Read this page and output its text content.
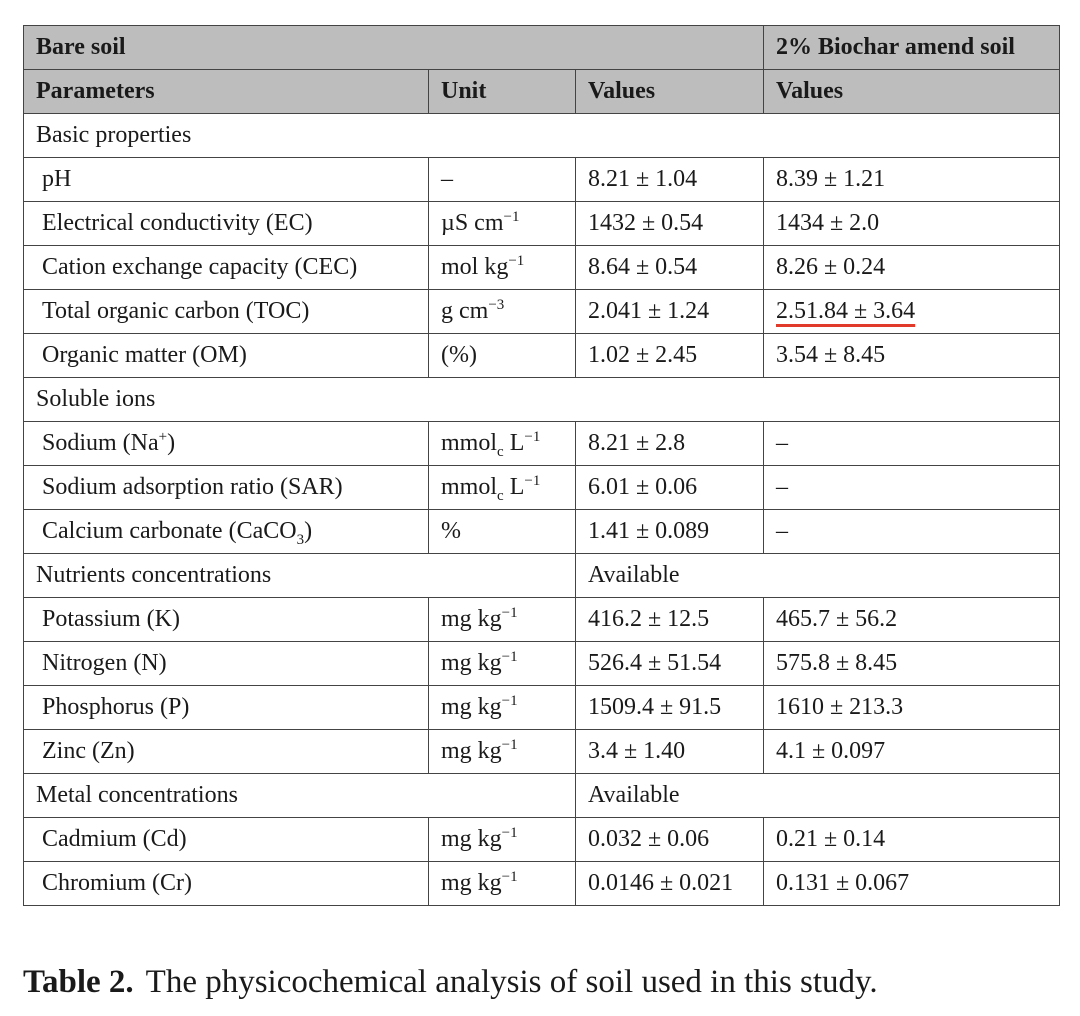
Bare soil			2% Biochar amend soil
Parameters	Unit	Values	Values
Basic properties			
pH	–	8.21 ± 1.04	8.39 ± 1.21
Electrical conductivity (EC)	µS $cm^{-1}$	1432 ± 0.54	1434 ± 2.0
Cation exchange capacity (CEC)	mol $kg^{-1}$	8.64 ± 0.54	8.26 ± 0.24
Total organic carbon (TOC)	g $cm^{-3}$	2.041 ± 1.24	2.51.84 ± 3.64
Organic matter (OM)	(%)	1.02 ± 2.45	3.54 ± 8.45
Soluble ions			
Sodium (Na+)	mmol$_c$ $L^{-1}$	8.21 ± 2.8	–
Sodium adsorption ratio (SAR)	mmol$_c$ $L^{-1}$	6.01 ± 0.06	–
Calcium carbonate (CaCO$_3$)	%	1.41 ± 0.089	–
Nutrients concentrations		Available	
Potassium (K)	mg $kg^{-1}$	416.2 ± 12.5	465.7 ± 56.2
Nitrogen (N)	mg $kg^{-1}$	526.4 ± 51.54	575.8 ± 8.45
Phosphorus (P)	mg $kg^{-1}$	1509.4 ± 91.5	1610 ± 213.3
Zinc (Zn)	mg $kg^{-1}$	3.4 ± 1.40	4.1 ± 0.097
Metal concentrations		Available	
Cadmium (Cd)	mg $kg^{-1}$	0.032 ± 0.06	0.21 ± 0.14
Chromium (Cr)	mg $kg^{-1}$	0.0146 ± 0.021	0.131 ± 0.067
Table 2. The physicochemical analysis of soil used in this study.
